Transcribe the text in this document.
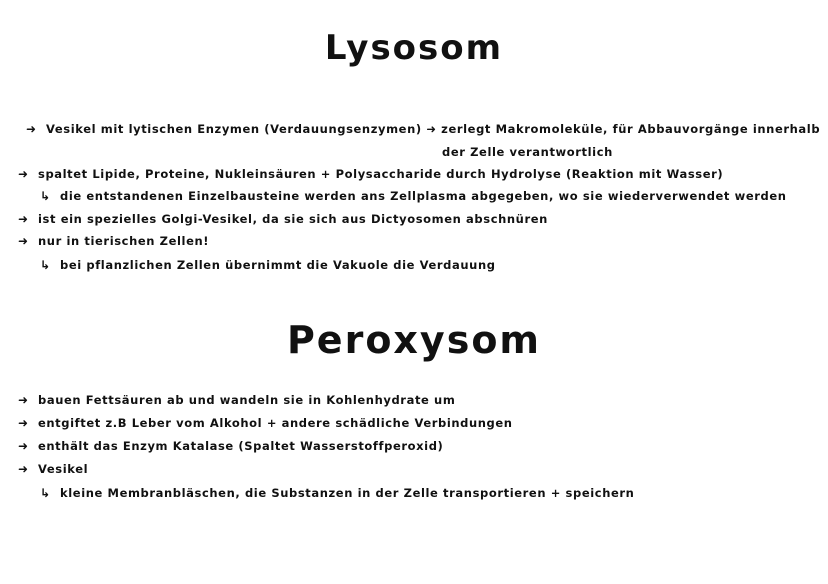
Lysosom
➜ Vesikel mit lytischen Enzymen (Verdauungsenzymen) ➜ zerlegt Makromoleküle, für Abbauvorgänge innerhalb
der Zelle verantwortlich
➜ spaltet Lipide, Proteine, Nukleinsäuren + Polysaccharide durch Hydrolyse (Reaktion mit Wasser)
↳ die entstandenen Einzelbausteine werden ans Zellplasma abgegeben, wo sie wiederverwendet werden
➜ ist ein spezielles Golgi-Vesikel, da sie sich aus Dictyosomen abschnüren
➜ nur in tierischen Zellen!
↳ bei pflanzlichen Zellen übernimmt die Vakuole die Verdauung
Peroxysom
➜ bauen Fettsäuren ab und wandeln sie in Kohlenhydrate um
➜ entgiftet z.B Leber vom Alkohol + andere schädliche Verbindungen
➜ enthält das Enzym Katalase (Spaltet Wasserstoffperoxid)
➜ Vesikel
↳ kleine Membranbläschen, die Substanzen in der Zelle transportieren + speichern
